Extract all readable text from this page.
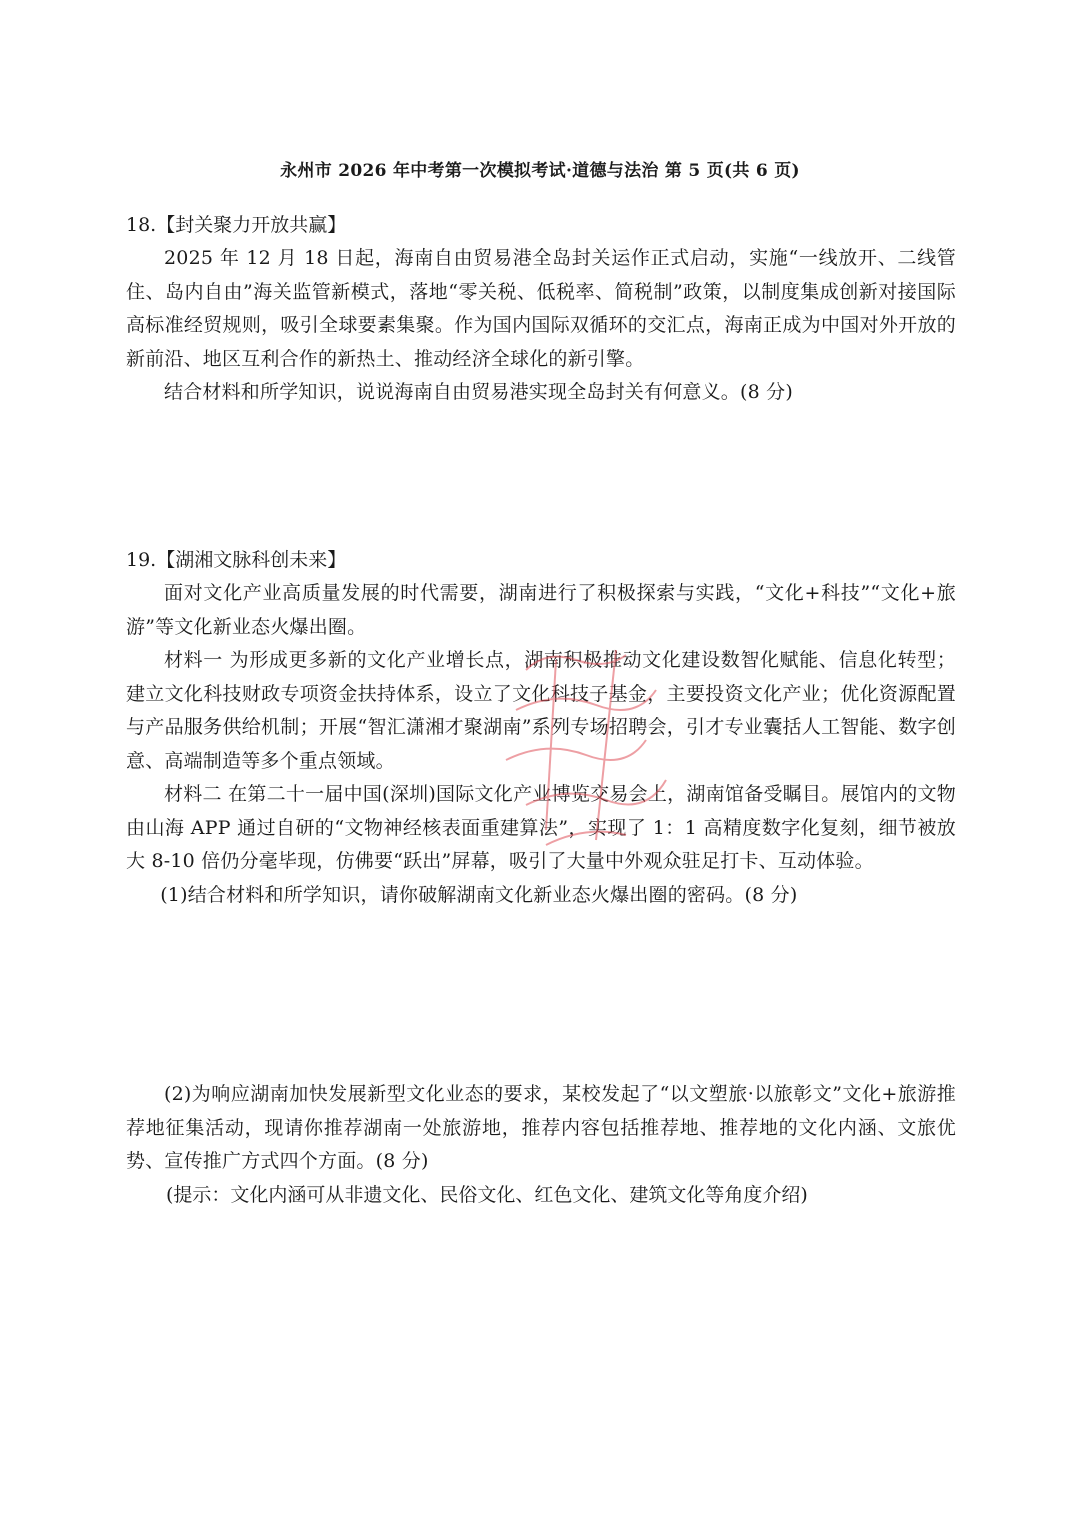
永州市 2026 年中考第一次模拟考试·道德与法治 第 5 页(共 6 页)

18.【封关聚力开放共赢】

2025 年 12 月 18 日起，海南自由贸易港全岛封关运作正式启动，实施“一线放开、二线管住、岛内自由”海关监管新模式，落地“零关税、低税率、简税制”政策，以制度集成创新对接国际高标准经贸规则，吸引全球要素集聚。作为国内国际双循环的交汇点，海南正成为中国对外开放的新前沿、地区互利合作的新热土、推动经济全球化的新引擎。

结合材料和所学知识，说说海南自由贸易港实现全岛封关有何意义。(8 分)

19.【湖湘文脉科创未来】

面对文化产业高质量发展的时代需要，湖南进行了积极探索与实践，“文化+科技”“文化+旅游”等文化新业态火爆出圈。

材料一 为形成更多新的文化产业增长点，湖南积极推动文化建设数智化赋能、信息化转型；建立文化科技财政专项资金扶持体系，设立了文化科技子基金，主要投资文化产业；优化资源配置与产品服务供给机制；开展“智汇潇湘才聚湖南”系列专场招聘会，引才专业囊括人工智能、数字创意、高端制造等多个重点领域。

材料二 在第二十一届中国(深圳)国际文化产业博览交易会上，湖南馆备受瞩目。展馆内的文物由山海 APP 通过自研的“文物神经核表面重建算法”，实现了 1：1 高精度数字化复刻，细节被放大 8-10 倍仍分毫毕现，仿佛要“跃出”屏幕，吸引了大量中外观众驻足打卡、互动体验。

(1)结合材料和所学知识，请你破解湖南文化新业态火爆出圈的密码。(8 分)

(2)为响应湖南加快发展新型文化业态的要求，某校发起了“以文塑旅·以旅彰文”文化+旅游推荐地征集活动，现请你推荐湖南一处旅游地，推荐内容包括推荐地、推荐地的文化内涵、文旅优势、宣传推广方式四个方面。(8 分)

(提示：文化内涵可从非遗文化、民俗文化、红色文化、建筑文化等角度介绍)
